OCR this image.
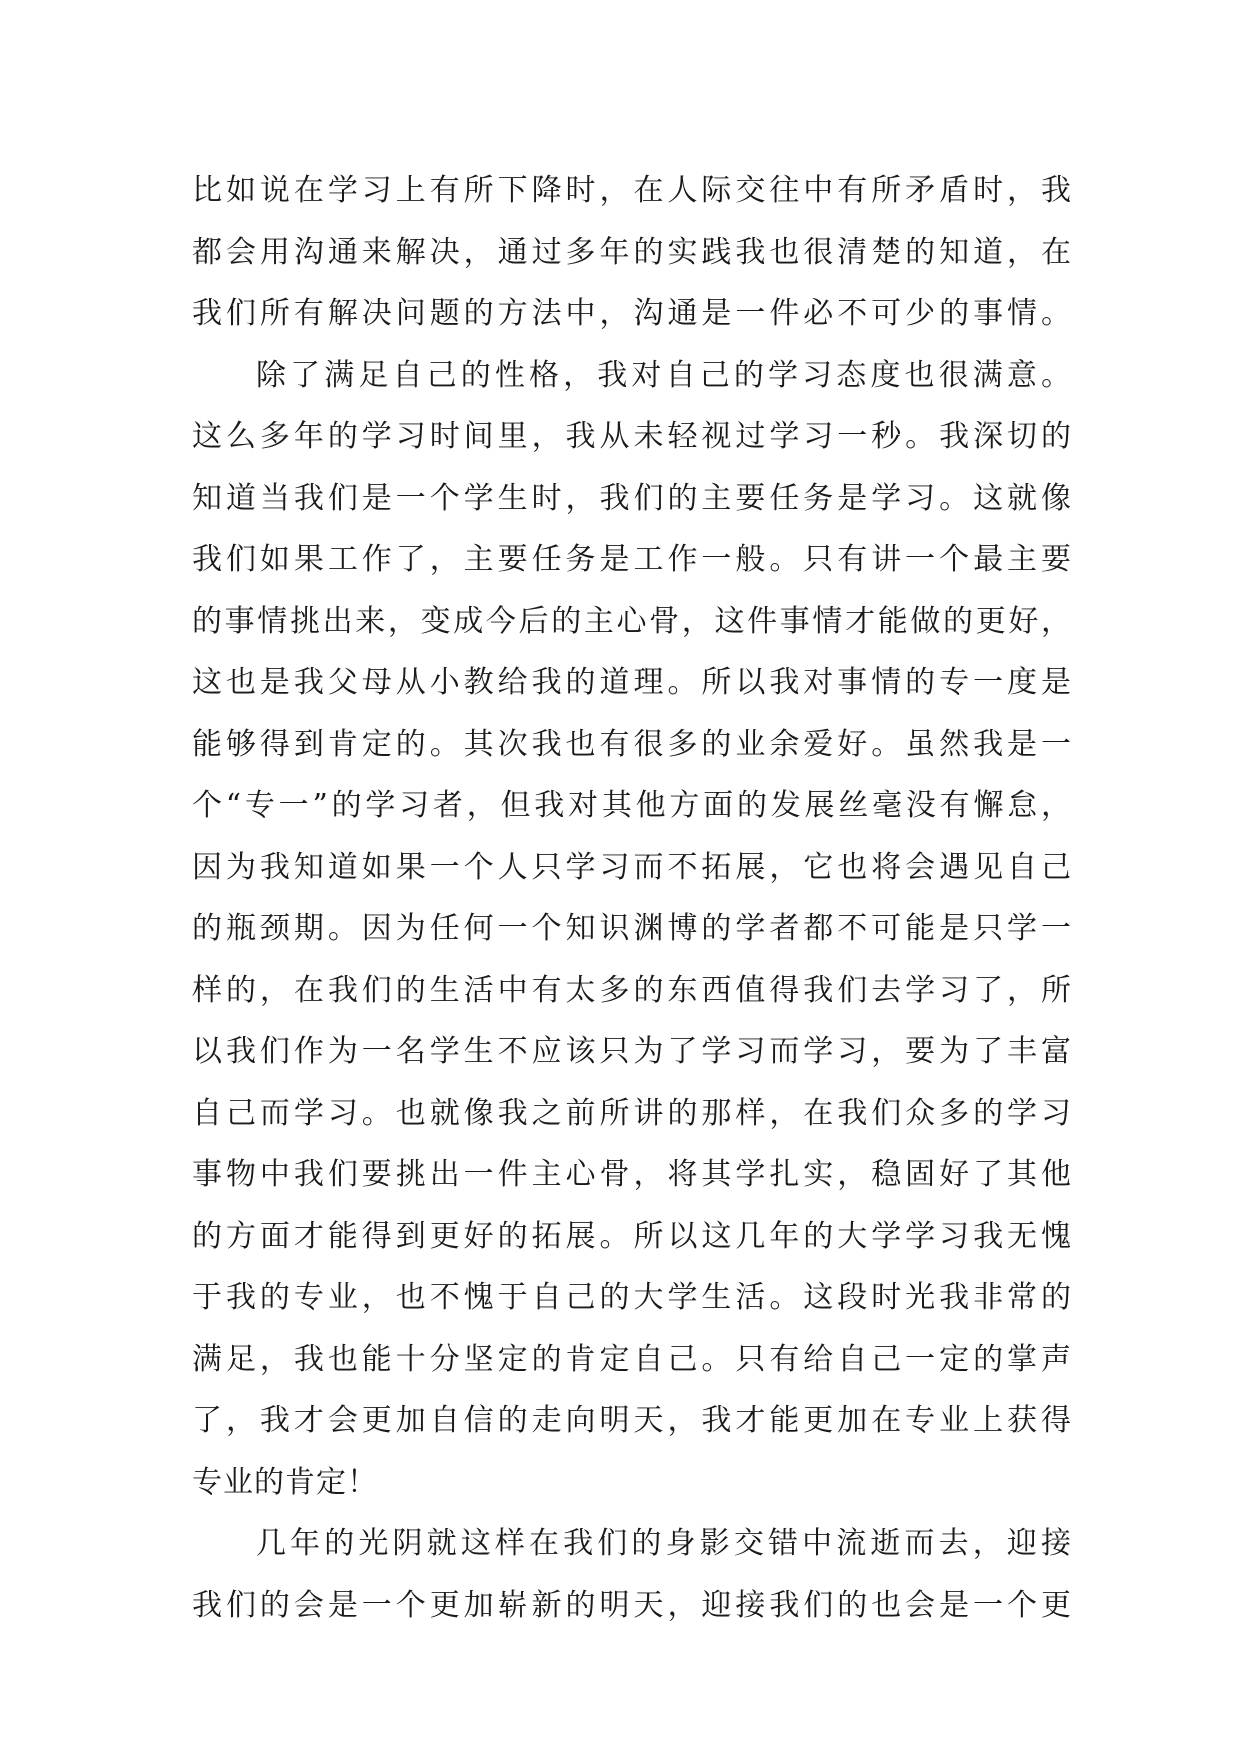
比如说在学习上有所下降时，在人际交往中有所矛盾时，我
都会用沟通来解决，通过多年的实践我也很清楚的知道，在
我们所有解决问题的方法中，沟通是一件必不可少的事情。
除了满足自己的性格，我对自己的学习态度也很满意。
这么多年的学习时间里，我从未轻视过学习一秒。我深切的
知道当我们是一个学生时，我们的主要任务是学习。这就像
我们如果工作了，主要任务是工作一般。只有讲一个最主要
的事情挑出来，变成今后的主心骨，这件事情才能做的更好，
这也是我父母从小教给我的道理。所以我对事情的专一度是
能够得到肯定的。其次我也有很多的业余爱好。虽然我是一
个“专一”的学习者，但我对其他方面的发展丝毫没有懈怠，
因为我知道如果一个人只学习而不拓展，它也将会遇见自己
的瓶颈期。因为任何一个知识渊博的学者都不可能是只学一
样的，在我们的生活中有太多的东西值得我们去学习了，所
以我们作为一名学生不应该只为了学习而学习，要为了丰富
自己而学习。也就像我之前所讲的那样，在我们众多的学习
事物中我们要挑出一件主心骨，将其学扎实，稳固好了其他
的方面才能得到更好的拓展。所以这几年的大学学习我无愧
于我的专业，也不愧于自己的大学生活。这段时光我非常的
满足，我也能十分坚定的肯定自己。只有给自己一定的掌声
了，我才会更加自信的走向明天，我才能更加在专业上获得
专业的肯定！
几年的光阴就这样在我们的身影交错中流逝而去，迎接
我们的会是一个更加崭新的明天，迎接我们的也会是一个更
